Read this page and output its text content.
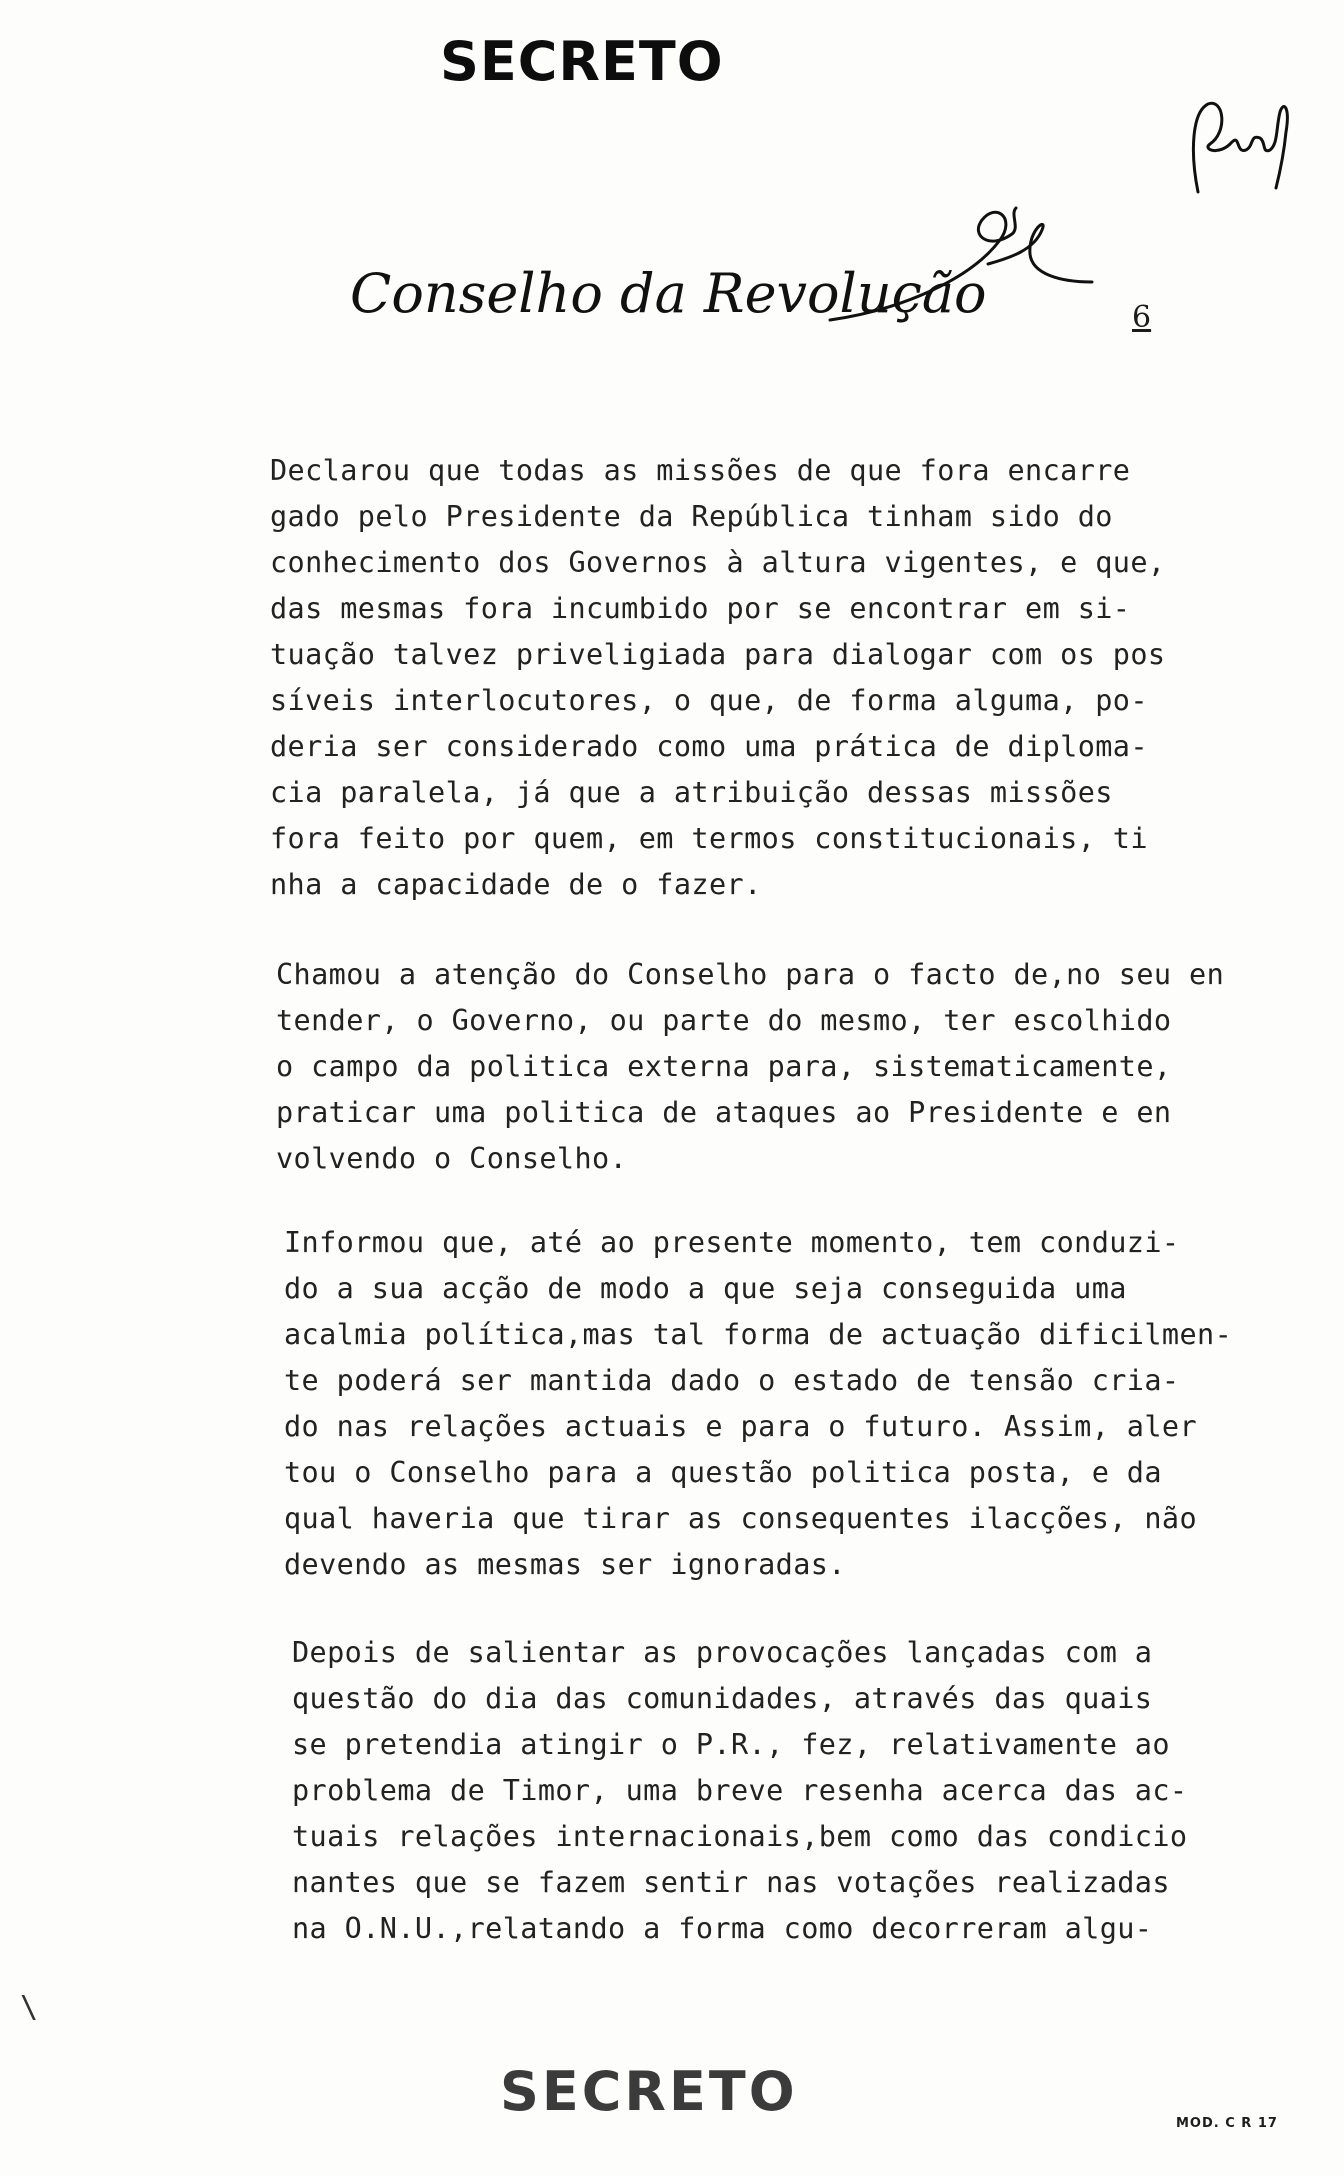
SECRETO
Conselho da Revolução	6
Declarou que todas as missões de que fora encarre
gado pelo Presidente da República tinham sido do
conhecimento dos Governos à altura vigentes, e que,
das mesmas fora incumbido por se encontrar em si-
tuação talvez priveligiada para dialogar com os pos
síveis interlocutores, o que, de forma alguma, po-
deria ser considerado como uma prática de diploma-
cia paralela, já que a atribuição dessas missões
fora feito por quem, em termos constitucionais, ti
nha a capacidade de o fazer.
Chamou a atenção do Conselho para o facto de,no seu en
tender, o Governo, ou parte do mesmo, ter escolhido
o campo da politica externa para, sistematicamente,
praticar uma politica de ataques ao Presidente e en
volvendo o Conselho.
Informou que, até ao presente momento, tem conduzi-
do a sua acção de modo a que seja conseguida uma
acalmia política,mas tal forma de actuação dificilmen-
te poderá ser mantida dado o estado de tensão cria-
do nas relações actuais e para o futuro. Assim, aler
tou o Conselho para a questão politica posta, e da
qual haveria que tirar as consequentes ilacções, não
devendo as mesmas ser ignoradas.
Depois de salientar as provocações lançadas com a
questão do dia das comunidades, através das quais
se pretendia atingir o P.R., fez, relativamente ao
problema de Timor, uma breve resenha acerca das ac-
tuais relações internacionais,bem como das condicio
nantes que se fazem sentir nas votações realizadas
na O.N.U.,relatando a forma como decorreram algu-
\
SECRETO
MOD. C R 17
